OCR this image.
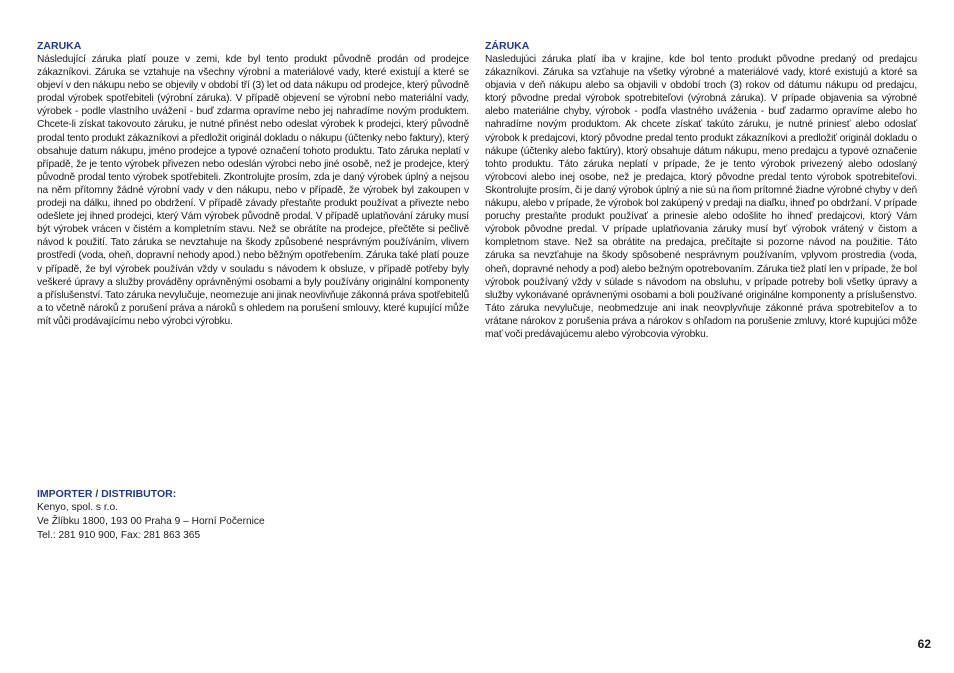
ZARUKA

Následující záruka platí pouze v zemi, kde byl tento produkt původně prodán od prodejce zákazníkovi. Záruka se vztahuje na všechny výrobní a materiálové vady, které existují a které se objeví v den nákupu nebo se objevily v období tří (3) let od data nákupu od prodejce, který původně prodal výrobek spotřebiteli (výrobní záruka). V případě objevení se výrobní nebo materiální vady, výrobek - podle vlastního uvážení - buď zdarma opravíme nebo jej nahradíme novým produktem. Chcete-li získat takovouto záruku, je nutné přinést nebo odeslat výrobek k prodejci, který původně prodal tento produkt zákazníkovi a předložit originál dokladu o nákupu (účtenky nebo faktury), který obsahuje datum nákupu, jméno prodejce a typové označení tohoto produktu. Tato záruka neplatí v případě, že je tento výrobek přivezen nebo odeslán výrobci nebo jiné osobě, než je prodejce, který původně prodal tento výrobek spotřebiteli. Zkontrolujte prosím, zda je daný výrobek úplný a nejsou na něm přítomny žádné výrobní vady v den nákupu, nebo v případě, že výrobek byl zakoupen v prodeji na dálku, ihned po obdržení. V případě závady přestaňte produkt používat a přivezte nebo odešlete jej ihned prodejci, který Vám výrobek původně prodal. V případě uplatňování záruky musí být výrobek vrácen v čistém a kompletním stavu. Než se obrátíte na prodejce, přečtěte si pečlivě návod k použití. Tato záruka se nevztahuje na škody způsobené nesprávným používáním, vlivem prostředí (voda, oheň, dopravní nehody apod.) nebo běžným opotřebením. Záruka také platí pouze v případě, že byl výrobek používán vždy v souladu s návodem k obsluze, v případě potřeby byly veškeré úpravy a služby prováděny oprávněnými osobami a byly používány originální komponenty a příslušenství. Tato záruka nevylučuje, neomezuje ani jinak neovlivňuje zákonná práva spotřebitelů a to včetně nároků z porušení práva a nároků s ohledem na porušení smlouvy, které kupující může mít vůči prodávajícímu nebo výrobci výrobku.

ZÁRUKA

Nasledujúci záruka platí iba v krajine, kde bol tento produkt pôvodne predaný od predajcu zákazníkovi. Záruka sa vzťahuje na všetky výrobné a materiálové vady, ktoré existujú a ktoré sa objavia v deň nákupu alebo sa objavili v období troch (3) rokov od dátumu nákupu od predajcu, ktorý pôvodne predal výrobok spotrebiteľovi (výrobná záruka). V prípade objavenia sa výrobné alebo materiálne chyby, výrobok - podľa vlastného uváženia - buď zadarmo opravíme alebo ho nahradíme novým produktom. Ak chcete získať takúto záruku, je nutné priniesť alebo odoslať výrobok k predajcovi, ktorý pôvodne predal tento produkt zákazníkovi a predložiť originál dokladu o nákupe (účtenky alebo faktúry), ktorý obsahuje dátum nákupu, meno predajcu a typové označenie tohto produktu. Táto záruka neplatí v prípade, že je tento výrobok privezený alebo odoslaný výrobcovi alebo inej osobe, než je predajca, ktorý pôvodne predal tento výrobok spotrebiteľovi. Skontrolujte prosím, či je daný výrobok úplný a nie sú na ňom prítomné žiadne výrobné chyby v deň nákupu, alebo v prípade, že výrobok bol zakúpený v predaji na diaľku, ihneď po obdržaní. V prípade poruchy prestaňte produkt používať a prinesie alebo odošlite ho ihneď predajcovi, ktorý Vám výrobok pôvodne predal. V prípade uplatňovania záruky musí byť výrobok vrátený v čistom a kompletnom stave. Než sa obrátite na predajca, prečítajte si pozorne návod na použitie. Táto záruka sa nevzťahuje na škody spôsobené nesprávnym používaním, vplyvom prostredia (voda, oheň, dopravné nehody a pod) alebo bežným opotrebovaním. Záruka tiež platí len v prípade, že bol výrobok používaný vždy v súlade s návodom na obsluhu, v prípade potreby boli všetky úpravy a služby vykonávané oprávnenými osobami a boli používané originálne komponenty a príslušenstvo. Táto záruka nevylučuje, neobmedzuje ani inak neovplyvňuje zákonné práva spotrebiteľov a to vrátane nárokov z porušenia práva a nárokov s ohľadom na porušenie zmluvy, ktoré kupujúci môže mať voči predávajúcemu alebo výrobcovia výrobku.

IMPORTER / DISTRIBUTOR:

Kenyo, spol. s r.o.

Ve Žlíbku 1800, 193 00 Praha 9 – Horní Počernice

Tel.: 281 910 900, Fax: 281 863 365

62
